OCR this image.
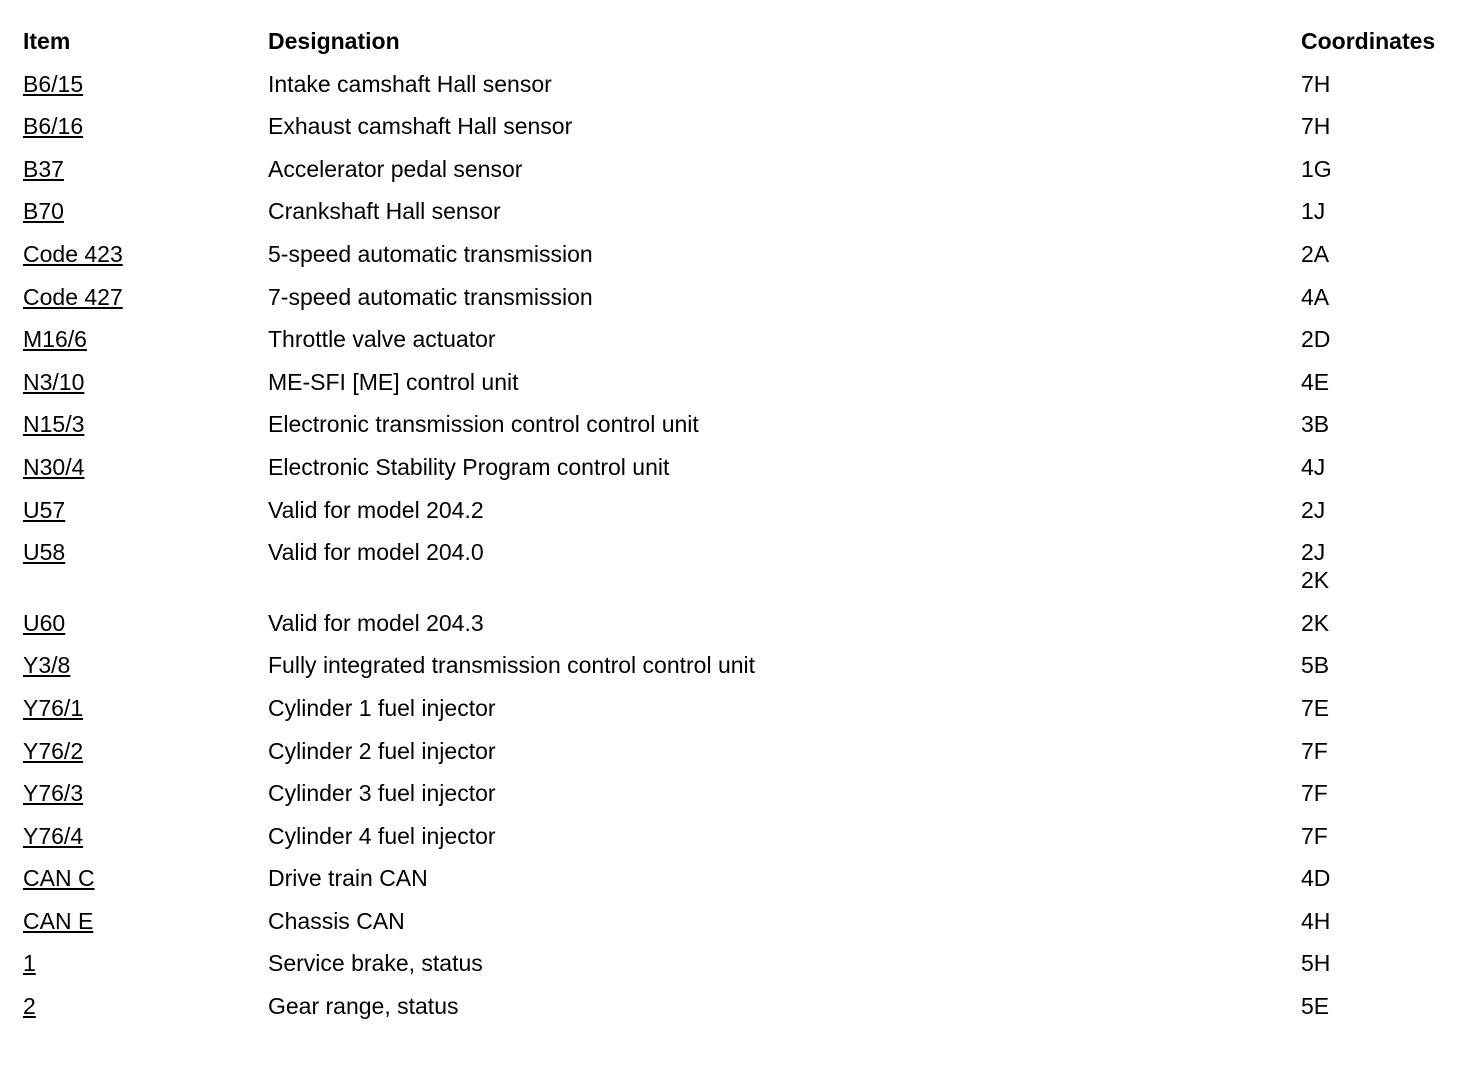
Item	Designation	Coordinates
B6/15	Intake camshaft Hall sensor	7H
B6/16	Exhaust camshaft Hall sensor	7H
B37	Accelerator pedal sensor	1G
B70	Crankshaft Hall sensor	1J
Code 423	5-speed automatic transmission	2A
Code 427	7-speed automatic transmission	4A
M16/6	Throttle valve actuator	2D
N3/10	ME-SFI [ME] control unit	4E
N15/3	Electronic transmission control control unit	3B
N30/4	Electronic Stability Program control unit	4J
U57	Valid for model 204.2	2J
U58	Valid for model 204.0	2J
2K
U60	Valid for model 204.3	2K
Y3/8	Fully integrated transmission control control unit	5B
Y76/1	Cylinder 1 fuel injector	7E
Y76/2	Cylinder 2 fuel injector	7F
Y76/3	Cylinder 3 fuel injector	7F
Y76/4	Cylinder 4 fuel injector	7F
CAN C	Drive train CAN	4D
CAN E	Chassis CAN	4H
1	Service brake, status	5H
2	Gear range, status	5E
